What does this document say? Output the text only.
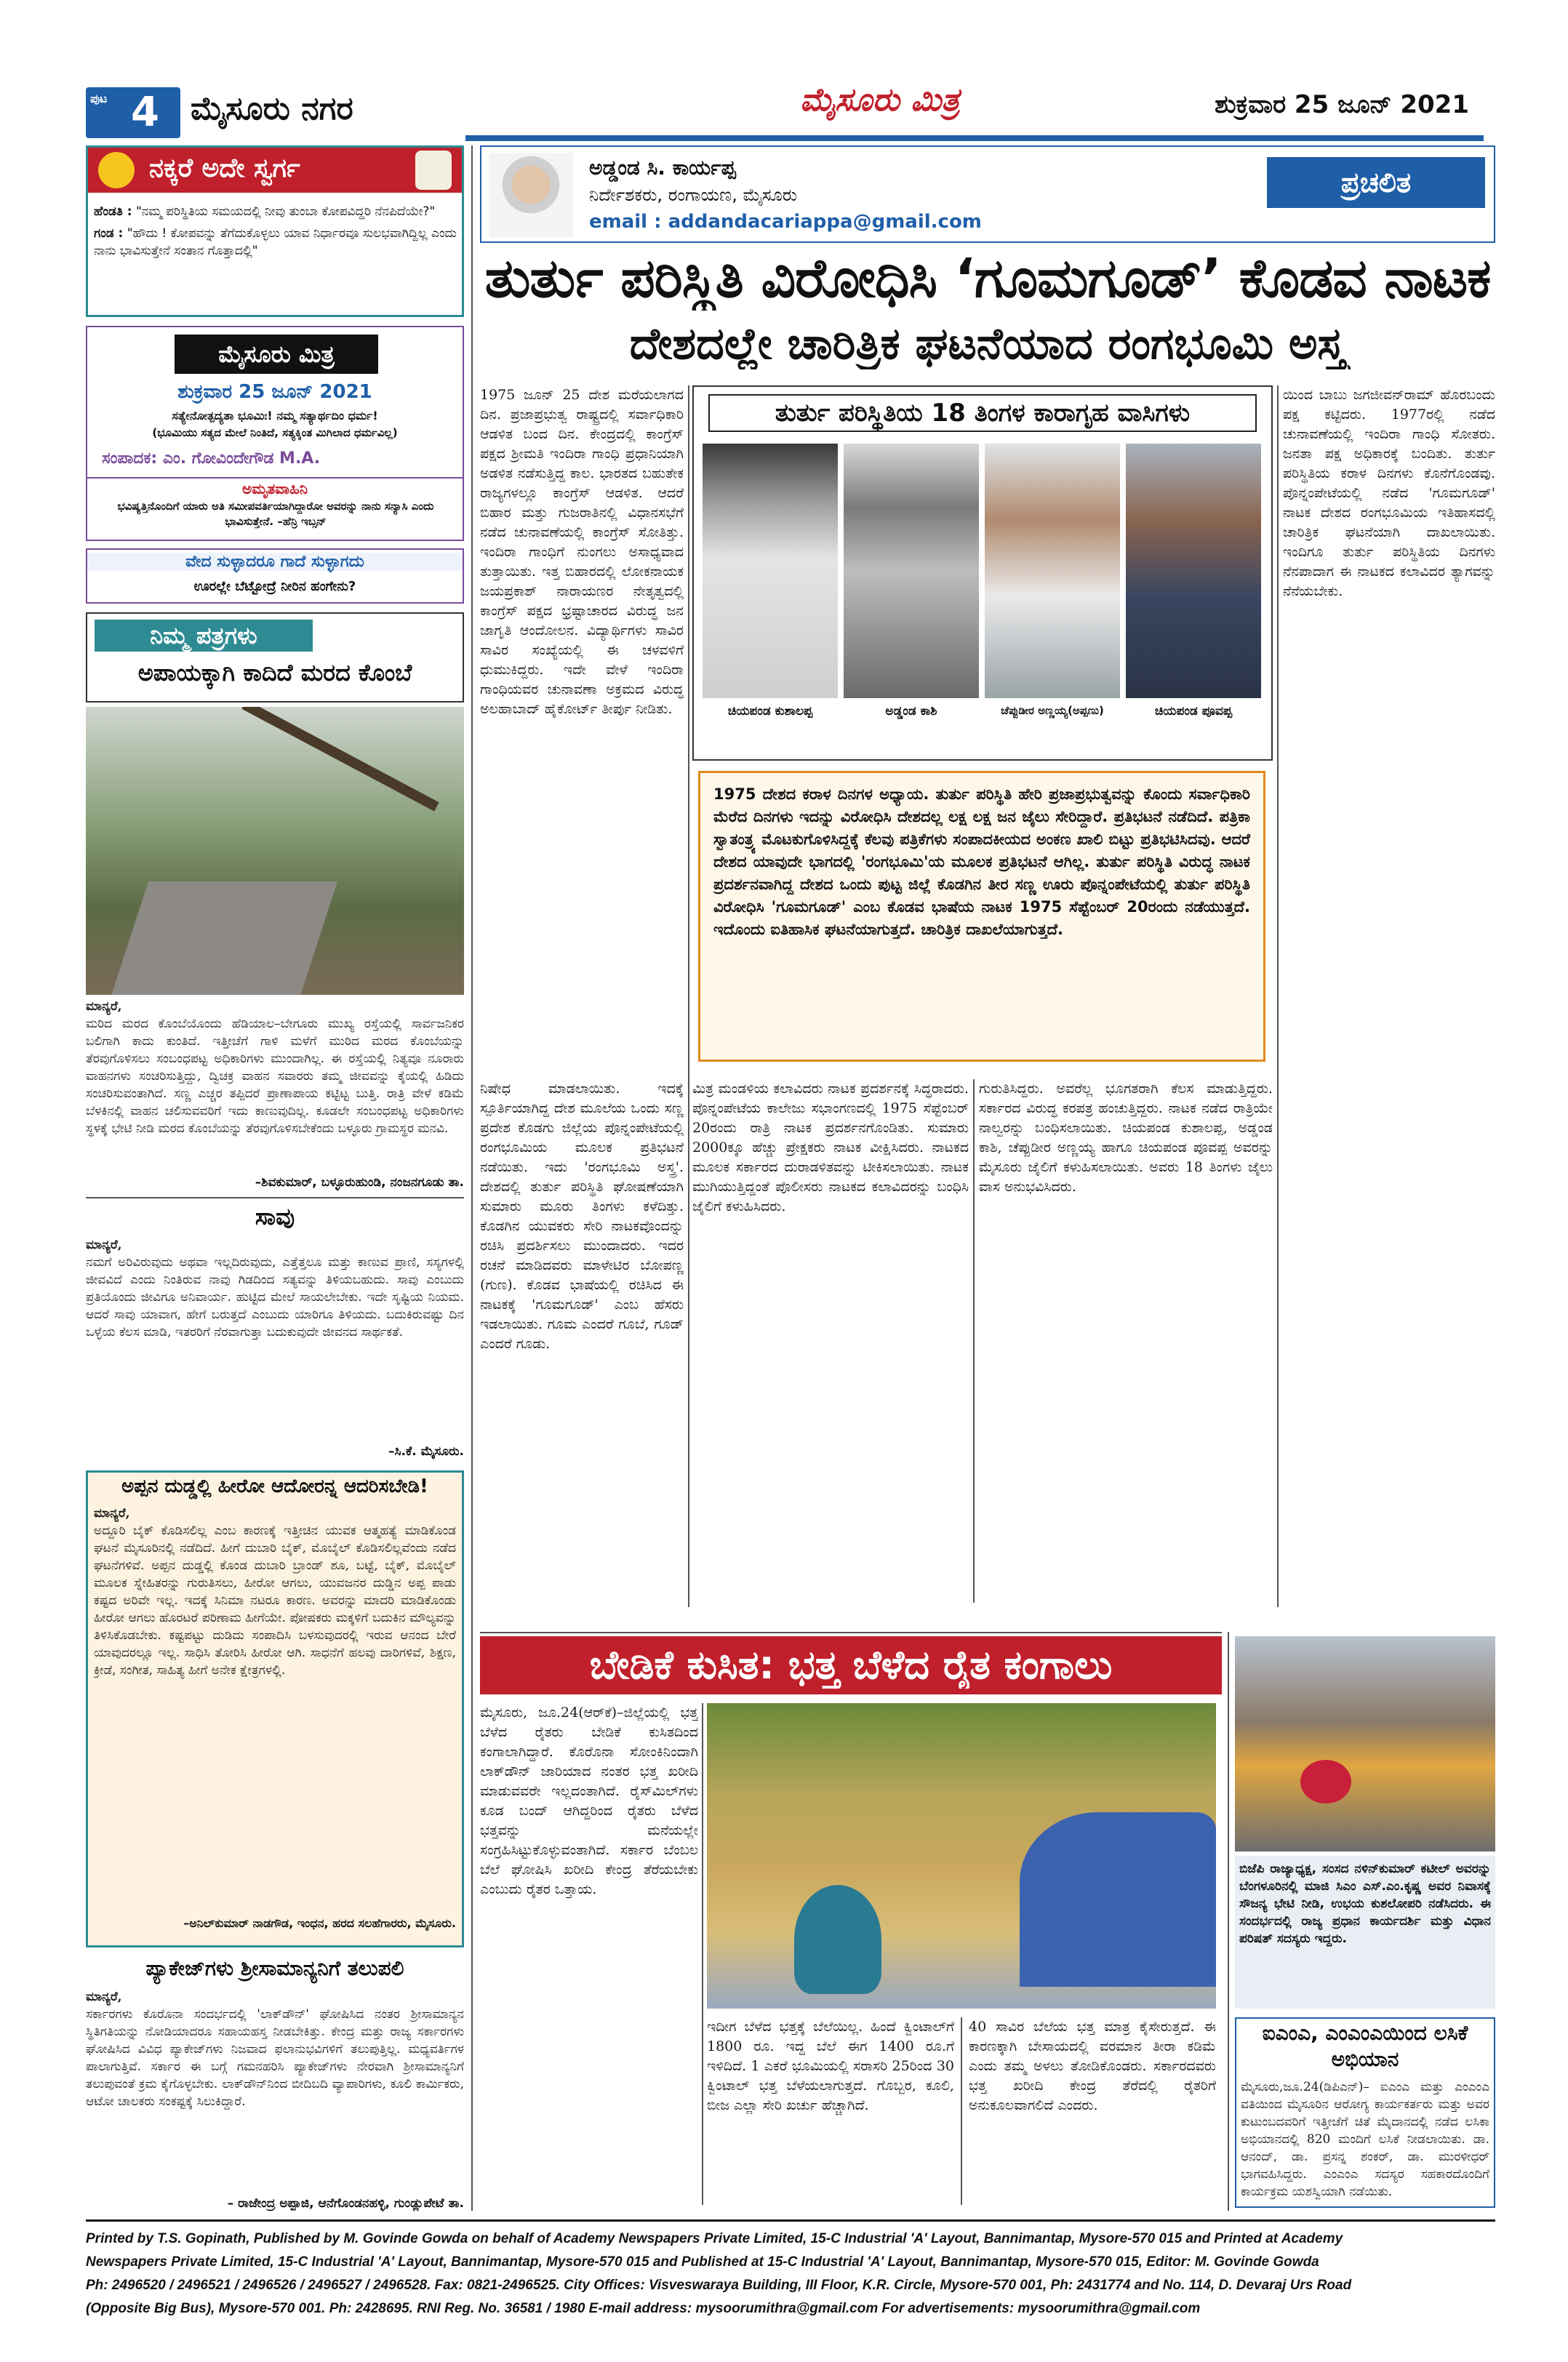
ಪುಟ 4 ಮೈಸೂರು ನಗರ	ಮೈಸೂರು ಮಿತ್ರ	ಶುಕ್ರವಾರ 25 ಜೂನ್ 2021
ನಕ್ಕರೆ ಅದೇ ಸ್ವರ್ಗ
ಹೆಂಡತಿ : "ನಮ್ಮ ಪರಿಸ್ಥಿತಿಯ ಸಮಯದಲ್ಲಿ ನೀವು ತುಂಬಾ ಕೋಪವಿದ್ದರಿ ನೆನಪಿದೆಯೇ?"
ಗಂಡ : "ಹೌದು ! ಕೋಪವನ್ನು ತೆಗೆದುಕೊಳ್ಳಲು ಯಾವ ನಿರ್ಧಾರವೂ ಸುಲಭವಾಗಿದ್ದಿಲ್ಲ ಎಂದು ನಾನು ಭಾವಿಸುತ್ತೇನೆ ಸಂತಾನ ಗೊತ್ತಾದಲ್ಲಿ"
ಮೈಸೂರು ಮಿತ್ರ
ಶುಕ್ರವಾರ 25 ಜೂನ್ 2021
ಸತ್ಯೇನೋತ್ಪದ್ಯತಾ ಭೂಮಿಃ! ನಮ್ಮ ಸತ್ಯಾರ್ಥದಿಂ ಧರ್ಮ!
(ಭೂಮಿಯು ಸತ್ಯದ ಮೇಲೆ ನಿಂತಿದೆ, ಸತ್ಯಕ್ಕಿಂತ ಮಿಗಿಲಾದ ಧರ್ಮವಿಲ್ಲ)
ಸಂಪಾದಕ: ಎಂ. ಗೋವಿಂದೇಗೌಡ M.A.
ಅಮೃತವಾಹಿನಿ
ಭವಿಷ್ಯತ್ತಿನೊಂದಿಗೆ ಯಾರು ಅತಿ ಸಮೀಪವರ್ತಿಯಾಗಿದ್ದಾರೋ ಅವರನ್ನು ನಾನು ಸನ್ಯಾಸಿ ಎಂದು ಭಾವಿಸುತ್ತೇನೆ. –ಹೆನ್ರಿ ಇಬ್ಸನ್
ವೇದ ಸುಳ್ಳಾದರೂ ಗಾದೆ ಸುಳ್ಳಾಗದು
ಊರಲ್ಲೇ ಬೆಟ್ಟೋದ್ರೆ ನೀರಿನ ಹಂಗೇನು?
ನಿಮ್ಮ ಪತ್ರಗಳು
ಅಪಾಯಕ್ಕಾಗಿ ಕಾದಿದೆ ಮರದ ಕೊಂಬೆ
ಮಾನ್ಯರೆ,
ಮರಿದ ಮರದ ಕೊಂಬೆಯೊಂದು ಹೆಡಿಯಾಲ–ಬೇಗೂರು ಮುಖ್ಯ ರಸ್ತೆಯಲ್ಲಿ ಸಾರ್ವಜನಿಕರ ಬಲಿಗಾಗಿ ಕಾದು ಕುಂತಿದೆ. ಇತ್ತೀಚೆಗೆ ಗಾಳಿ ಮಳೆಗೆ ಮುರಿದ ಮರದ ಕೊಂಬೆಯನ್ನು ತೆರವುಗೊಳಿಸಲು ಸಂಬಂಧಪಟ್ಟ ಅಧಿಕಾರಿಗಳು ಮುಂದಾಗಿಲ್ಲ. ಈ ರಸ್ತೆಯಲ್ಲಿ ನಿತ್ಯವೂ ನೂರಾರು ವಾಹನಗಳು ಸಂಚರಿಸುತ್ತಿದ್ದು, ದ್ವಿಚಕ್ರ ವಾಹನ ಸವಾರರು ತಮ್ಮ ಜೀವವನ್ನು ಕೈಯಲ್ಲಿ ಹಿಡಿದು ಸಂಚರಿಸುವಂತಾಗಿದೆ. ಸಣ್ಣ ಎಚ್ಚರ ತಪ್ಪಿದರೆ ಪ್ರಾಣಾಪಾಯ ಕಟ್ಟಿಟ್ಟ ಬುತ್ತಿ. ರಾತ್ರಿ ವೇಳೆ ಕಡಿಮೆ ಬೆಳಕಿನಲ್ಲಿ ವಾಹನ ಚಲಿಸುವವರಿಗೆ ಇದು ಕಾಣುವುದಿಲ್ಲ. ಕೂಡಲೇ ಸಂಬಂಧಪಟ್ಟ ಅಧಿಕಾರಿಗಳು ಸ್ಥಳಕ್ಕೆ ಭೇಟಿ ನೀಡಿ ಮರದ ಕೊಂಬೆಯನ್ನು ತೆರವುಗೊಳಿಸಬೇಕೆಂದು ಬಳ್ಳೂರು ಗ್ರಾಮಸ್ಥರ ಮನವಿ.
–ಶಿವಕುಮಾರ್, ಬಳ್ಳೂರುಹುಂಡಿ, ನಂಜನಗೂಡು ತಾ.
ಸಾವು
ಮಾನ್ಯರೆ,
ನಮಗೆ ಅರಿವಿರುವುದು ಅಥವಾ ಇಲ್ಲದಿರುವುದು, ಎತ್ತೆತ್ತಲೂ ಮತ್ತು ಕಾಣುವ ಪ್ರಾಣಿ, ಸಸ್ಯಗಳಲ್ಲಿ ಜೀವವಿದೆ ಎಂದು ನಿಂತಿರುವ ನಾವು ಗಿಡದಿಂದ ಸತ್ಯವನ್ನು ತಿಳಿಯಬಹುದು. ಸಾವು ಎಂಬುದು ಪ್ರತಿಯೊಂದು ಜೀವಿಗೂ ಅನಿವಾರ್ಯ. ಹುಟ್ಟಿದ ಮೇಲೆ ಸಾಯಲೇಬೇಕು. ಇದೇ ಸೃಷ್ಟಿಯ ನಿಯಮ. ಆದರೆ ಸಾವು ಯಾವಾಗ, ಹೇಗೆ ಬರುತ್ತದೆ ಎಂಬುದು ಯಾರಿಗೂ ತಿಳಿಯದು. ಬದುಕಿರುವಷ್ಟು ದಿನ ಒಳ್ಳೆಯ ಕೆಲಸ ಮಾಡಿ, ಇತರರಿಗೆ ನೆರವಾಗುತ್ತಾ ಬದುಕುವುದೇ ಜೀವನದ ಸಾರ್ಥಕತೆ.
–ಸಿ.ಕೆ. ಮೈಸೂರು.
ಅಪ್ಪನ ದುಡ್ಡಲ್ಲಿ ಹೀರೋ ಆದೋರನ್ನ ಆದರಿಸಬೇಡಿ!
ಮಾನ್ಯರೆ,
ಅದ್ದೂರಿ ಬೈಕ್ ಕೊಡಿಸಲಿಲ್ಲ ಎಂಬ ಕಾರಣಕ್ಕೆ ಇತ್ತೀಚಿನ ಯುವಕ ಆತ್ಮಹತ್ಯೆ ಮಾಡಿಕೊಂಡ ಘಟನೆ ಮೈಸೂರಿನಲ್ಲಿ ನಡೆದಿದೆ. ಹೀಗೆ ದುಬಾರಿ ಬೈಕ್, ಮೊಬೈಲ್ ಕೊಡಿಸಲಿಲ್ಲವೆಂದು ನಡೆದ ಘಟನೆಗಳಿವೆ. ಅಪ್ಪನ ದುಡ್ಡಲ್ಲಿ ಕೊಂಡ ದುಬಾರಿ ಬ್ರಾಂಡ್ ಶೂ, ಬಟ್ಟೆ, ಬೈಕ್, ಮೊಬೈಲ್ ಮೂಲಕ ಸ್ನೇಹಿತರನ್ನು ಗುರುತಿಸಲು, ಹೀರೋ ಆಗಲು, ಯುವಜನರ ದುಡ್ಡಿನ ಅಪ್ಪ ಪಾಡು ಕಷ್ಟದ ಅರಿವೇ ಇಲ್ಲ. ಇದಕ್ಕೆ ಸಿನಿಮಾ ನಟರೂ ಕಾರಣ. ಅವರನ್ನು ಮಾದರಿ ಮಾಡಿಕೊಂಡು ಹೀರೋ ಆಗಲು ಹೊರಟರೆ ಪರಿಣಾಮ ಹೀಗೆಯೇ. ಪೋಷಕರು ಮಕ್ಕಳಿಗೆ ಬದುಕಿನ ಮೌಲ್ಯವನ್ನು ತಿಳಿಸಿಕೊಡಬೇಕು. ಕಷ್ಟಪಟ್ಟು ದುಡಿದು ಸಂಪಾದಿಸಿ ಬಳಸುವುದರಲ್ಲಿ ಇರುವ ಆನಂದ ಬೇರೆ ಯಾವುದರಲ್ಲೂ ಇಲ್ಲ. ಸಾಧಿಸಿ ತೋರಿಸಿ ಹೀರೋ ಆಗಿ. ಸಾಧನೆಗೆ ಹಲವು ದಾರಿಗಳಿವೆ, ಶಿಕ್ಷಣ, ಕ್ರೀಡೆ, ಸಂಗೀತ, ಸಾಹಿತ್ಯ ಹೀಗೆ ಅನೇಕ ಕ್ಷೇತ್ರಗಳಲ್ಲಿ.
–ಅನಿಲ್‌ಕುಮಾರ್ ನಾಡಗೌಡ, ಇಂಧನ, ಹರದ ಸಲಹೆಗಾರರು, ಮೈಸೂರು.
ಪ್ಯಾಕೇಜ್‌ಗಳು ಶ್ರೀಸಾಮಾನ್ಯನಿಗೆ ತಲುಪಲಿ
ಮಾನ್ಯರೆ,
ಸರ್ಕಾರಗಳು ಕೊರೊನಾ ಸಂದರ್ಭದಲ್ಲಿ 'ಲಾಕ್‌ಡೌನ್' ಘೋಷಿಸಿದ ನಂತರ ಶ್ರೀಸಾಮಾನ್ಯನ ಸ್ಥಿತಿಗತಿಯನ್ನು ನೋಡಿಯಾದರೂ ಸಹಾಯಹಸ್ತ ನೀಡಬೇಕಿತ್ತು. ಕೇಂದ್ರ ಮತ್ತು ರಾಜ್ಯ ಸರ್ಕಾರಗಳು ಘೋಷಿಸಿದ ವಿವಿಧ ಪ್ಯಾಕೇಜ್‌ಗಳು ನಿಜವಾದ ಫಲಾನುಭವಿಗಳಿಗೆ ತಲುಪುತ್ತಿಲ್ಲ. ಮಧ್ಯವರ್ತಿಗಳ ಪಾಲಾಗುತ್ತಿವೆ. ಸರ್ಕಾರ ಈ ಬಗ್ಗೆ ಗಮನಹರಿಸಿ ಪ್ಯಾಕೇಜ್‌ಗಳು ನೇರವಾಗಿ ಶ್ರೀಸಾಮಾನ್ಯನಿಗೆ ತಲುಪುವಂತೆ ಕ್ರಮ ಕೈಗೊಳ್ಳಬೇಕು. ಲಾಕ್‌ಡೌನ್‌ನಿಂದ ಬೀದಿಬದಿ ವ್ಯಾಪಾರಿಗಳು, ಕೂಲಿ ಕಾರ್ಮಿಕರು, ಆಟೋ ಚಾಲಕರು ಸಂಕಷ್ಟಕ್ಕೆ ಸಿಲುಕಿದ್ದಾರೆ.
– ರಾಜೇಂದ್ರ ಅಪ್ಪಾಜಿ, ಆನೆಗೊಂಡನಹಳ್ಳಿ, ಗುಂಡ್ಲುಪೇಟೆ ತಾ.
ಅಡ್ಡಂಡ ಸಿ. ಕಾರ್ಯಪ್ಪ
ನಿರ್ದೇಶಕರು, ರಂಗಾಯಣ, ಮೈಸೂರು
email : addandacariappa@gmail.com
ಪ್ರಚಲಿತ
ತುರ್ತು ಪರಿಸ್ಥಿತಿ ವಿರೋಧಿಸಿ ‘ಗೂಮಗೂಡ್’ ಕೊಡವ ನಾಟಕ
ದೇಶದಲ್ಲೇ ಚಾರಿತ್ರಿಕ ಘಟನೆಯಾದ ರಂಗಭೂಮಿ ಅಸ್ತ್ರ
1975 ಜೂನ್ 25 ದೇಶ ಮರೆಯಲಾಗದ ದಿನ. ಪ್ರಜಾಪ್ರಭುತ್ವ ರಾಷ್ಟ್ರದಲ್ಲಿ ಸರ್ವಾಧಿಕಾರಿ ಆಡಳಿತ ಬಂದ ದಿನ. ಕೇಂದ್ರದಲ್ಲಿ ಕಾಂಗ್ರೆಸ್ ಪಕ್ಷದ ಶ್ರೀಮತಿ ಇಂದಿರಾ ಗಾಂಧಿ ಪ್ರಧಾನಿಯಾಗಿ ಅಡಳಿತ ನಡೆಸುತ್ತಿದ್ದ ಕಾಲ. ಭಾರತದ ಬಹುತೇಕ ರಾಜ್ಯಗಳಲ್ಲೂ ಕಾಂಗ್ರೆಸ್ ಆಡಳಿತ. ಆದರೆ ಬಿಹಾರ ಮತ್ತು ಗುಜರಾತಿನಲ್ಲಿ ವಿಧಾನಸಭೆಗೆ ನಡೆದ ಚುನಾವಣೆಯಲ್ಲಿ ಕಾಂಗ್ರೆಸ್ ಸೋತಿತ್ತು. ಇಂದಿರಾ ಗಾಂಧಿಗೆ ನುಂಗಲು ಅಸಾಧ್ಯವಾದ ತುತ್ತಾಯಿತು. ಇತ್ತ ಬಿಹಾರದಲ್ಲಿ ಲೋಕನಾಯಕ ಜಯಪ್ರಕಾಶ್ ನಾರಾಯಣರ ನೇತೃತ್ವದಲ್ಲಿ ಕಾಂಗ್ರೆಸ್ ಪಕ್ಷದ ಭ್ರಷ್ಟಾಚಾರದ ವಿರುದ್ಧ ಜನ ಜಾಗೃತಿ ಆಂದೋಲನ. ವಿದ್ಯಾರ್ಥಿಗಳು ಸಾವಿರ ಸಾವಿರ ಸಂಖ್ಯೆಯಲ್ಲಿ ಈ ಚಳವಳಿಗೆ ಧುಮುಕಿದ್ದರು. ಇದೇ ವೇಳೆ ಇಂದಿರಾ ಗಾಂಧಿಯವರ ಚುನಾವಣಾ ಅಕ್ರಮದ ವಿರುದ್ಧ ಅಲಹಾಬಾದ್ ಹೈಕೋರ್ಟ್ ತೀರ್ಪು ನೀಡಿತು.
ತುರ್ತು ಪರಿಸ್ಥಿತಿಯ 18 ತಿಂಗಳ ಕಾರಾಗೃಹ ವಾಸಿಗಳು
ಚಿಯಪಂಡ ಕುಶಾಲಪ್ಪ	ಅಡ್ಡಂಡ ಕಾಶಿ	ಚೆಪ್ಪುಡೀರ ಅಣ್ಣಯ್ಯ(ಅಪ್ಪಣು)	ಚಿಯಪಂಡ ಪೂವಪ್ಪ
1975 ದೇಶದ ಕರಾಳ ದಿನಗಳ ಅಧ್ಯಾಯ. ತುರ್ತು ಪರಿಸ್ಥಿತಿ ಹೇರಿ ಪ್ರಜಾಪ್ರಭುತ್ವವನ್ನು ಕೊಂದು ಸರ್ವಾಧಿಕಾರಿ ಮೆರೆದ ದಿನಗಳು ಇದನ್ನು ವಿರೋಧಿಸಿ ದೇಶದಲ್ಲ ಲಕ್ಷ ಲಕ್ಷ ಜನ ಜೈಲು ಸೇರಿದ್ದಾರೆ. ಪ್ರತಿಭಟನೆ ನಡೆದಿದೆ. ಪತ್ರಿಕಾ ಸ್ವಾತಂತ್ರ್ಯ ಮೊಟಕುಗೊಳಿಸಿದ್ದಕ್ಕೆ ಕೆಲವು ಪತ್ರಿಕೆಗಳು ಸಂಪಾದಕೀಯದ ಅಂಕಣ ಖಾಲಿ ಬಿಟ್ಟು ಪ್ರತಿಭಟಿಸಿದವು. ಆದರೆ ದೇಶದ ಯಾವುದೇ ಭಾಗದಲ್ಲಿ 'ರಂಗಭೂಮಿ'ಯ ಮೂಲಕ ಪ್ರತಿಭಟನೆ ಆಗಿಲ್ಲ. ತುರ್ತು ಪರಿಸ್ಥಿತಿ ವಿರುದ್ಧ ನಾಟಕ ಪ್ರದರ್ಶನವಾಗಿದ್ದ ದೇಶದ ಒಂದು ಪುಟ್ಟ ಜಿಲ್ಲೆ ಕೊಡಗಿನ ತೀರ ಸಣ್ಣ ಊರು ಪೊನ್ನಂಪೇಟೆಯಲ್ಲಿ ತುರ್ತು ಪರಿಸ್ಥಿತಿ ವಿರೋಧಿಸಿ 'ಗೂಮಗೂಡ್' ಎಂಬ ಕೊಡವ ಭಾಷೆಯ ನಾಟಕ 1975 ಸೆಪ್ಟೆಂಬರ್ 20ರಂದು ನಡೆಯುತ್ತದೆ. ಇದೊಂದು ಐತಿಹಾಸಿಕ ಘಟನೆಯಾಗುತ್ತದೆ. ಚಾರಿತ್ರಿಕ ದಾಖಲೆಯಾಗುತ್ತದೆ.
ಯಿಂದ ಬಾಬು ಜಗಜೀವನ್‌ರಾಮ್ ಹೊರಬಂದು ಪಕ್ಷ ಕಟ್ಟಿದರು. 1977ರಲ್ಲಿ ನಡೆದ ಚುನಾವಣೆಯಲ್ಲಿ ಇಂದಿರಾ ಗಾಂಧಿ ಸೋತರು. ಜನತಾ ಪಕ್ಷ ಅಧಿಕಾರಕ್ಕೆ ಬಂದಿತು. ತುರ್ತು ಪರಿಸ್ಥಿತಿಯ ಕರಾಳ ದಿನಗಳು ಕೊನೆಗೊಂಡವು. ಪೊನ್ನಂಪೇಟೆಯಲ್ಲಿ ನಡೆದ 'ಗೂಮಗೂಡ್' ನಾಟಕ ದೇಶದ ರಂಗಭೂಮಿಯ ಇತಿಹಾಸದಲ್ಲಿ ಚಾರಿತ್ರಿಕ ಘಟನೆಯಾಗಿ ದಾಖಲಾಯಿತು. ಇಂದಿಗೂ ತುರ್ತು ಪರಿಸ್ಥಿತಿಯ ದಿನಗಳು ನೆನಪಾದಾಗ ಈ ನಾಟಕದ ಕಲಾವಿದರ ತ್ಯಾಗವನ್ನು ನೆನೆಯಬೇಕು.
ನಿಷೇಧ ಮಾಡಲಾಯಿತು. ಇದಕ್ಕೆ ಸ್ಪೂರ್ತಿಯಾಗಿದ್ದ ದೇಶ ಮೂಲೆಯ ಒಂದು ಸಣ್ಣ ಪ್ರದೇಶ ಕೊಡಗು ಜಿಲ್ಲೆಯ ಪೊನ್ನಂಪೇಟೆಯಲ್ಲಿ ರಂಗಭೂಮಿಯ ಮೂಲಕ ಪ್ರತಿಭಟನೆ ನಡೆಯಿತು. ಇದು 'ರಂಗಭೂಮಿ ಅಸ್ತ್ರ'. ದೇಶದಲ್ಲಿ ತುರ್ತು ಪರಿಸ್ಥಿತಿ ಘೋಷಣೆಯಾಗಿ ಸುಮಾರು ಮೂರು ತಿಂಗಳು ಕಳೆದಿತ್ತು. ಕೊಡಗಿನ ಯುವಕರು ಸೇರಿ ನಾಟಕವೊಂದನ್ನು ರಚಿಸಿ ಪ್ರದರ್ಶಿಸಲು ಮುಂದಾದರು. ಇದರ ರಚನೆ ಮಾಡಿದವರು ಮಾಳೇಟಿರ ಬೋಪಣ್ಣ (ಗುಣ). ಕೊಡವ ಭಾಷೆಯಲ್ಲಿ ರಚಿಸಿದ ಈ ನಾಟಕಕ್ಕೆ 'ಗೂಮಗೂಡ್' ಎಂಬ ಹೆಸರು ಇಡಲಾಯಿತು. ಗೂಮ ಎಂದರೆ ಗೂಬೆ, ಗೂಡ್ ಎಂದರೆ ಗೂಡು.
ಮಿತ್ರ ಮಂಡಳಿಯ ಕಲಾವಿದರು ನಾಟಕ ಪ್ರದರ್ಶನಕ್ಕೆ ಸಿದ್ಧರಾದರು. ಪೊನ್ನಂಪೇಟೆಯ ಕಾಲೇಜು ಸಭಾಂಗಣದಲ್ಲಿ 1975 ಸೆಪ್ಟೆಂಬರ್ 20ರಂದು ರಾತ್ರಿ ನಾಟಕ ಪ್ರದರ್ಶನಗೊಂಡಿತು. ಸುಮಾರು 2000ಕ್ಕೂ ಹೆಚ್ಚು ಪ್ರೇಕ್ಷಕರು ನಾಟಕ ವೀಕ್ಷಿಸಿದರು. ನಾಟಕದ ಮೂಲಕ ಸರ್ಕಾರದ ದುರಾಡಳಿತವನ್ನು ಟೀಕಿಸಲಾಯಿತು. ನಾಟಕ ಮುಗಿಯುತ್ತಿದ್ದಂತೆ ಪೊಲೀಸರು ನಾಟಕದ ಕಲಾವಿದರನ್ನು ಬಂಧಿಸಿ ಜೈಲಿಗೆ ಕಳುಹಿಸಿದರು.
ಗುರುತಿಸಿದ್ದರು. ಅವರೆಲ್ಲ ಭೂಗತರಾಗಿ ಕೆಲಸ ಮಾಡುತ್ತಿದ್ದರು. ಸರ್ಕಾರದ ವಿರುದ್ಧ ಕರಪತ್ರ ಹಂಚುತ್ತಿದ್ದರು. ನಾಟಕ ನಡೆದ ರಾತ್ರಿಯೇ ನಾಲ್ವರನ್ನು ಬಂಧಿಸಲಾಯಿತು. ಚಿಯಪಂಡ ಕುಶಾಲಪ್ಪ, ಅಡ್ಡಂಡ ಕಾಶಿ, ಚೆಪ್ಪುಡೀರ ಅಣ್ಣಯ್ಯ ಹಾಗೂ ಚಿಯಪಂಡ ಪೂವಪ್ಪ ಅವರನ್ನು ಮೈಸೂರು ಜೈಲಿಗೆ ಕಳುಹಿಸಲಾಯಿತು. ಅವರು 18 ತಿಂಗಳು ಜೈಲು ವಾಸ ಅನುಭವಿಸಿದರು.
ಬೇಡಿಕೆ ಕುಸಿತ: ಭತ್ತ ಬೆಳೆದ ರೈತ ಕಂಗಾಲು
ಮೈಸೂರು, ಜೂ.24(ಆರ್‌ಕೆ)–ಜಿಲ್ಲೆಯಲ್ಲಿ ಭತ್ತ ಬೆಳೆದ ರೈತರು ಬೇಡಿಕೆ ಕುಸಿತದಿಂದ ಕಂಗಾಲಾಗಿದ್ದಾರೆ. ಕೊರೊನಾ ಸೋಂಕಿನಿಂದಾಗಿ ಲಾಕ್‌ಡೌನ್ ಜಾರಿಯಾದ ನಂತರ ಭತ್ತ ಖರೀದಿ ಮಾಡುವವರೇ ಇಲ್ಲದಂತಾಗಿದೆ. ರೈಸ್‌ಮಿಲ್‌ಗಳು ಕೂಡ ಬಂದ್ ಆಗಿದ್ದರಿಂದ ರೈತರು ಬೆಳೆದ ಭತ್ತವನ್ನು ಮನೆಯಲ್ಲೇ ಸಂಗ್ರಹಿಸಿಟ್ಟುಕೊಳ್ಳುವಂತಾಗಿದೆ. ಸರ್ಕಾರ ಬೆಂಬಲ ಬೆಲೆ ಘೋಷಿಸಿ ಖರೀದಿ ಕೇಂದ್ರ ತೆರೆಯಬೇಕು ಎಂಬುದು ರೈತರ ಒತ್ತಾಯ.
ಇದೀಗ ಬೆಳೆದ ಭತ್ತಕ್ಕೆ ಬೆಲೆಯಿಲ್ಲ. ಹಿಂದೆ ಕ್ವಿಂಟಾಲ್‌ಗೆ 1800 ರೂ. ಇದ್ದ ಬೆಲೆ ಈಗ 1400 ರೂ.ಗೆ ಇಳಿದಿದೆ. 1 ಎಕರೆ ಭೂಮಿಯಲ್ಲಿ ಸರಾಸರಿ 25ರಿಂದ 30 ಕ್ವಿಂಟಾಲ್ ಭತ್ತ ಬೆಳೆಯಲಾಗುತ್ತದೆ. ಗೊಬ್ಬರ, ಕೂಲಿ, ಬೀಜ ಎಲ್ಲಾ ಸೇರಿ ಖರ್ಚು ಹೆಚ್ಚಾಗಿದೆ.
40 ಸಾವಿರ ಬೆಲೆಯ ಭತ್ತ ಮಾತ್ರ ಕೈಸೇರುತ್ತದೆ. ಈ ಕಾರಣಕ್ಕಾಗಿ ಬೇಸಾಯದಲ್ಲಿ ವರಮಾನ ತೀರಾ ಕಡಿಮೆ ಎಂದು ತಮ್ಮ ಅಳಲು ತೋಡಿಕೊಂಡರು. ಸರ್ಕಾರದವರು ಭತ್ತ ಖರೀದಿ ಕೇಂದ್ರ ತೆರೆದಲ್ಲಿ ರೈತರಿಗೆ ಅನುಕೂಲವಾಗಲಿದೆ ಎಂದರು.
ಬಿಜೆಪಿ ರಾಜ್ಯಾಧ್ಯಕ್ಷ, ಸಂಸದ ನಳಿನ್‌ಕುಮಾರ್ ಕಟೀಲ್ ಅವರನ್ನು ಬೆಂಗಳೂರಿನಲ್ಲಿ ಮಾಜಿ ಸಿಎಂ ಎಸ್.ಎಂ.ಕೃಷ್ಣ ಅವರ ನಿವಾಸಕ್ಕೆ ಸೌಜನ್ಯ ಭೇಟಿ ನೀಡಿ, ಉಭಯ ಕುಶಲೋಪರಿ ನಡೆಸಿದರು. ಈ ಸಂದರ್ಭದಲ್ಲಿ ರಾಜ್ಯ ಪ್ರಧಾನ ಕಾರ್ಯದರ್ಶಿ ಮತ್ತು ವಿಧಾನ ಪರಿಷತ್ ಸದಸ್ಯರು ಇದ್ದರು.
ಐಎಂಎ, ಎಂಎಂಎಯಿಂದ ಲಸಿಕೆ ಅಭಿಯಾನ
ಮೈಸೂರು,ಜೂ.24(ಡಿಪಿಎನ್)– ಐಎಂಎ ಮತ್ತು ಎಂಎಂಎ ವತಿಯಿಂದ ಮೈಸೂರಿನ ಆರೋಗ್ಯ ಕಾರ್ಯಕರ್ತರು ಮತ್ತು ಅವರ ಕುಟುಂಬದವರಿಗೆ ಇತ್ತೀಚೆಗೆ ಚಿತೆ ಮೈದಾನದಲ್ಲಿ ನಡೆದ ಲಸಿಕಾ ಅಭಿಯಾನದಲ್ಲಿ 820 ಮಂದಿಗೆ ಲಸಿಕೆ ನೀಡಲಾಯಿತು. ಡಾ. ಆನಂದ್, ಡಾ. ಪ್ರಸನ್ನ ಶಂಕರ್, ಡಾ. ಮುರಳೀಧರ್ ಭಾಗವಹಿಸಿದ್ದರು. ಎಂಎಂಎ ಸದಸ್ಯರ ಸಹಕಾರದೊಂದಿಗೆ ಕಾರ್ಯಕ್ರಮ ಯಶಸ್ವಿಯಾಗಿ ನಡೆಯಿತು.
Printed by T.S. Gopinath, Published by M. Govinde Gowda on behalf of Academy Newspapers Private Limited, 15-C Industrial 'A' Layout, Bannimantap, Mysore-570 015 and Printed at Academy
Newspapers Private Limited, 15-C Industrial 'A' Layout, Bannimantap, Mysore-570 015 and Published at 15-C Industrial 'A' Layout, Bannimantap, Mysore-570 015, Editor: M. Govinde Gowda
Ph: 2496520 / 2496521 / 2496526 / 2496527 / 2496528. Fax: 0821-2496525. City Offices: Visveswaraya Building, III Floor, K.R. Circle, Mysore-570 001, Ph: 2431774 and No. 114, D. Devaraj Urs Road
(Opposite Big Bus), Mysore-570 001. Ph: 2428695. RNI Reg. No. 36581 / 1980 E-mail address: mysoorumithra@gmail.com For advertisements: mysoorumithra@gmail.com
